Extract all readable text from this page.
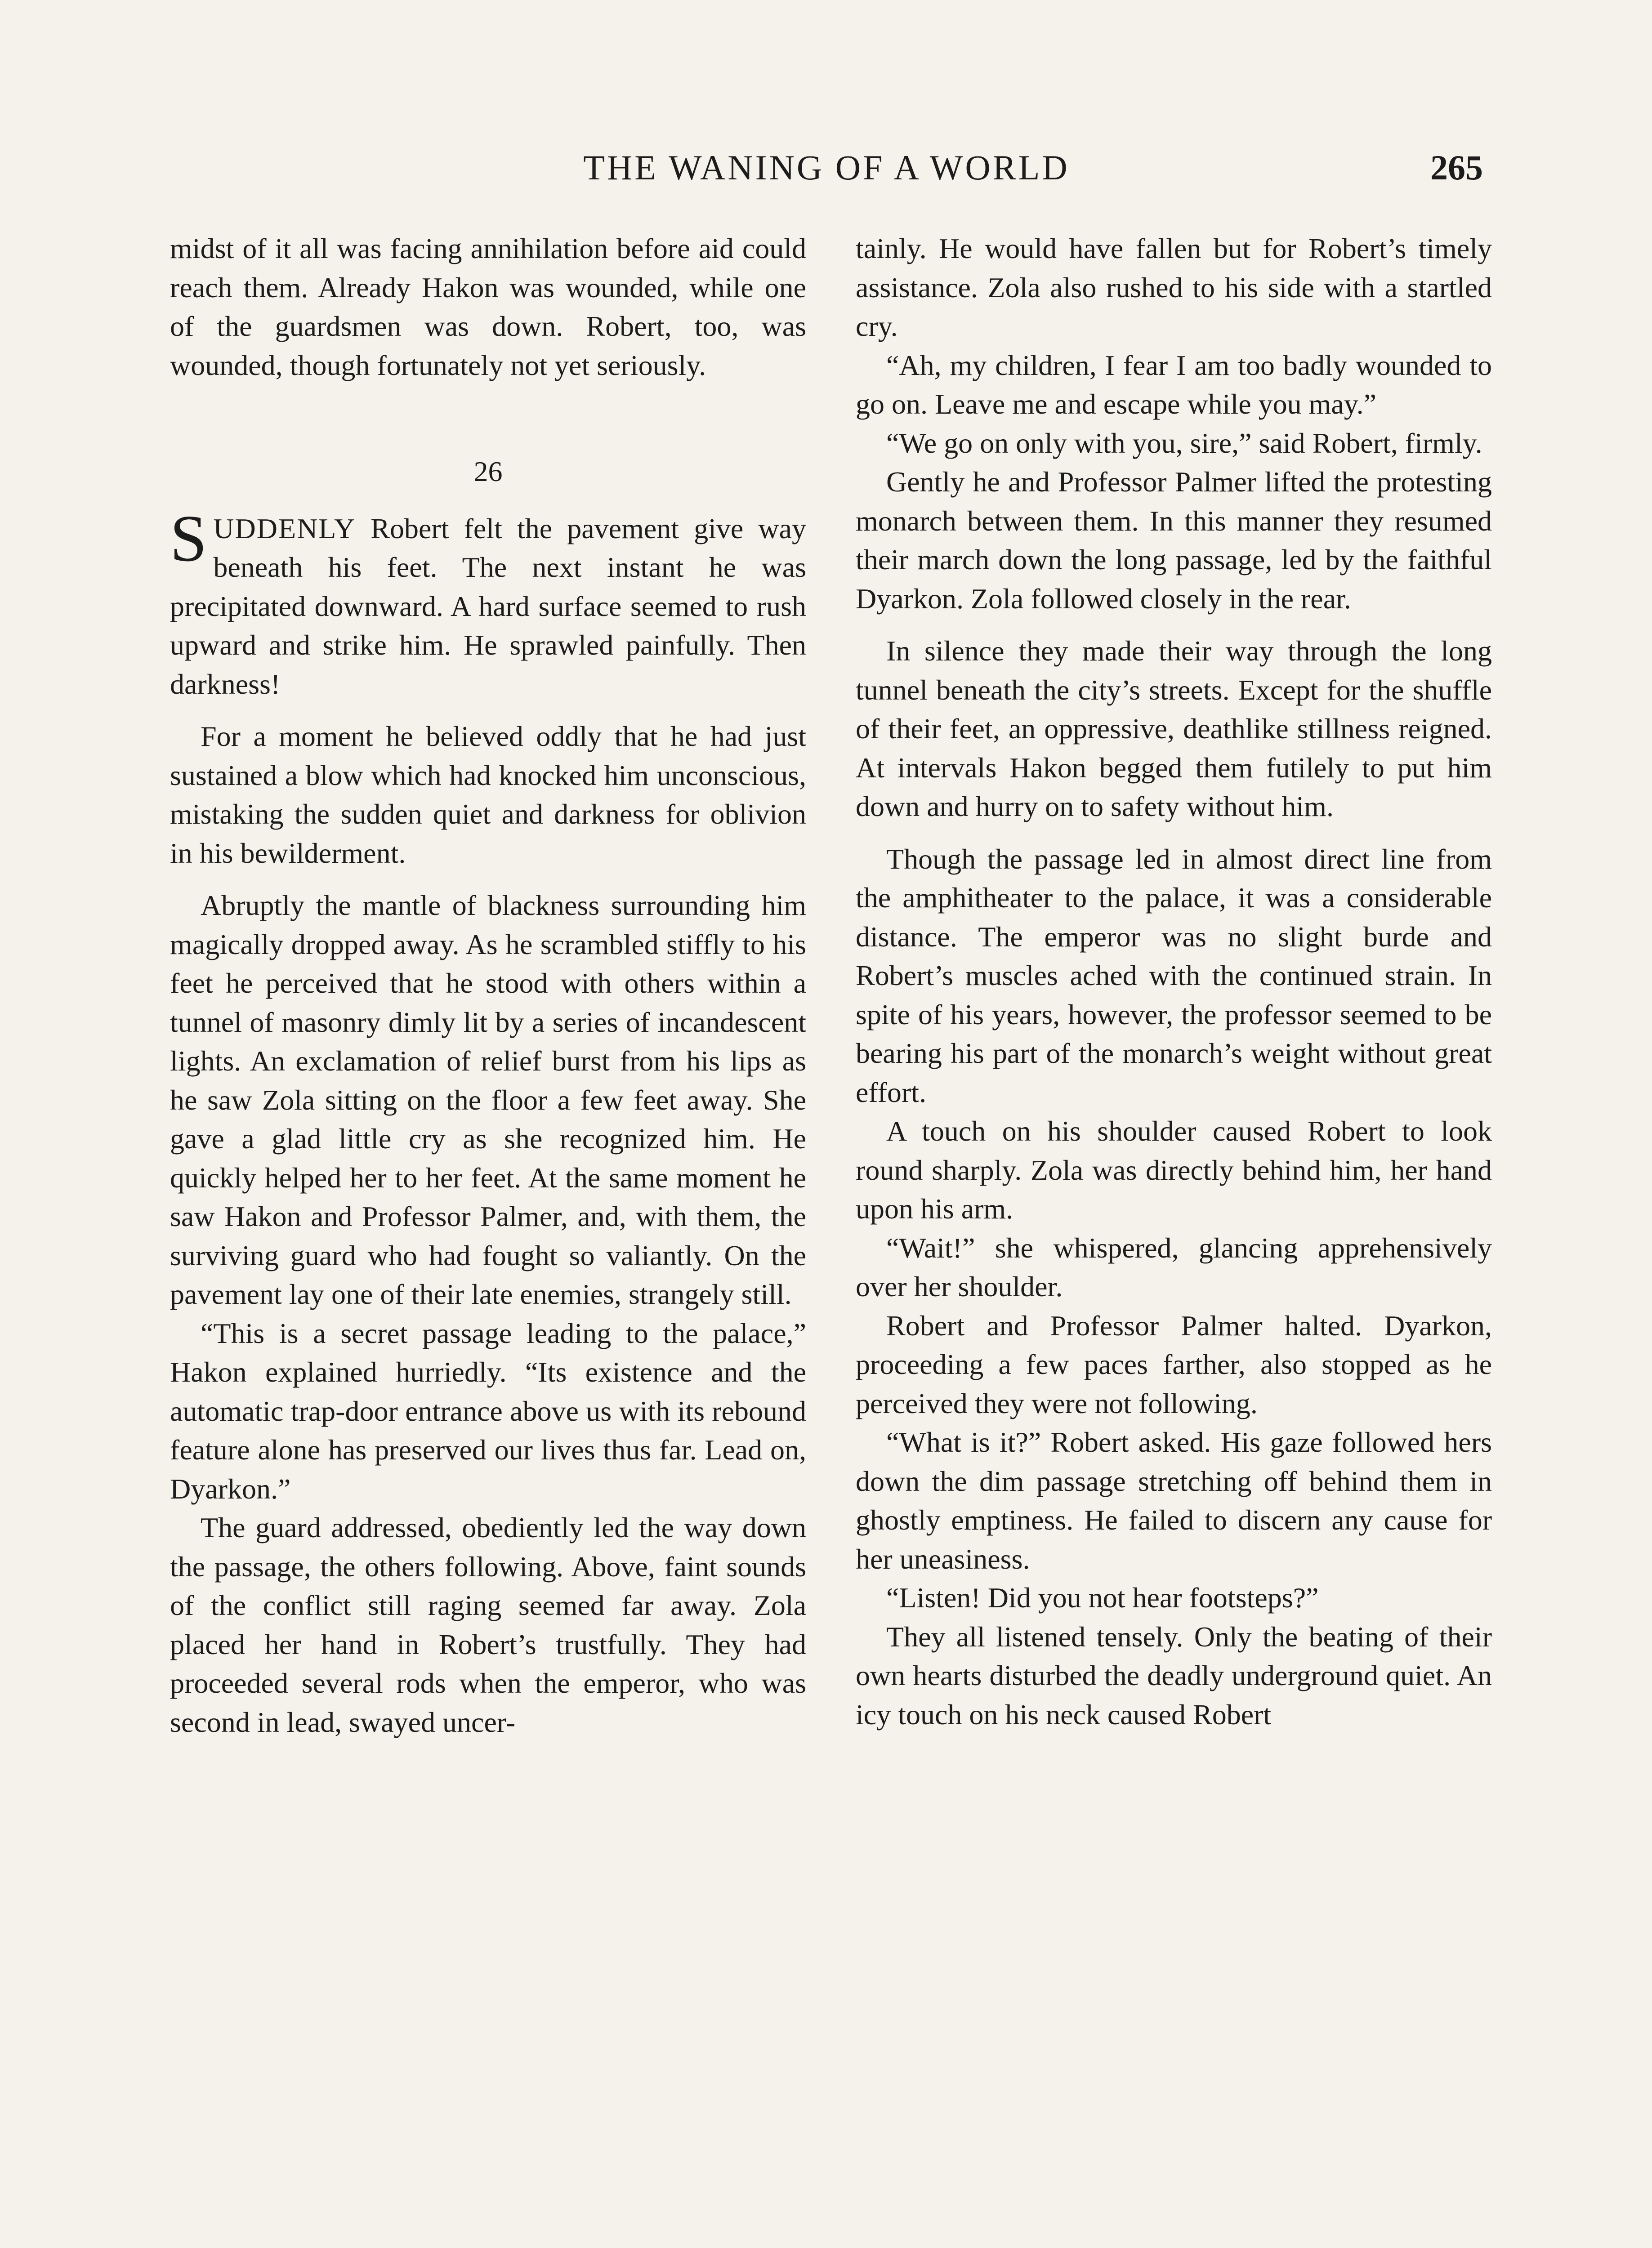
THE WANING OF A WORLD	265

midst of it all was facing annihilation before aid could reach them. Already Hakon was wounded, while one of the guardsmen was down. Robert, too, was wounded, though fortunately not yet seriously.

26

SUDDENLY Robert felt the pavement give way beneath his feet. The next instant he was precipitated downward. A hard surface seemed to rush upward and strike him. He sprawled painfully. Then darkness!

For a moment he believed oddly that he had just sustained a blow which had knocked him unconscious, mistaking the sudden quiet and darkness for oblivion in his bewilderment.

Abruptly the mantle of blackness surrounding him magically dropped away. As he scrambled stiffly to his feet he perceived that he stood with others within a tunnel of masonry dimly lit by a series of incandescent lights. An exclamation of relief burst from his lips as he saw Zola sitting on the floor a few feet away. She gave a glad little cry as she recognized him. He quickly helped her to her feet. At the same moment he saw Hakon and Professor Palmer, and, with them, the surviving guard who had fought so valiantly. On the pavement lay one of their late enemies, strangely still.

“This is a secret passage leading to the palace,” Hakon explained hurriedly. “Its existence and the automatic trap-door entrance above us with its rebound feature alone has preserved our lives thus far. Lead on, Dyarkon.”

The guard addressed, obediently led the way down the passage, the others following. Above, faint sounds of the conflict still raging seemed far away. Zola placed her hand in Robert’s trustfully. They had proceeded several rods when the emperor, who was second in lead, swayed uncer-

tainly. He would have fallen but for Robert’s timely assistance. Zola also rushed to his side with a startled cry.

“Ah, my children, I fear I am too badly wounded to go on. Leave me and escape while you may.”

“We go on only with you, sire,” said Robert, firmly.

Gently he and Professor Palmer lifted the protesting monarch between them. In this manner they resumed their march down the long passage, led by the faithful Dyarkon. Zola followed closely in the rear.

In silence they made their way through the long tunnel beneath the city’s streets. Except for the shuffle of their feet, an oppressive, deathlike stillness reigned. At intervals Hakon begged them futilely to put him down and hurry on to safety without him.

Though the passage led in almost direct line from the amphitheater to the palace, it was a considerable distance. The emperor was no slight burde and Robert’s muscles ached with the continued strain. In spite of his years, however, the professor seemed to be bearing his part of the monarch’s weight without great effort.

A touch on his shoulder caused Robert to look round sharply. Zola was directly behind him, her hand upon his arm.

“Wait!” she whispered, glancing apprehensively over her shoulder.

Robert and Professor Palmer halted. Dyarkon, proceeding a few paces farther, also stopped as he perceived they were not following.

“What is it?” Robert asked. His gaze followed hers down the dim passage stretching off behind them in ghostly emptiness. He failed to discern any cause for her uneasiness.

“Listen! Did you not hear footsteps?”

They all listened tensely. Only the beating of their own hearts disturbed the deadly underground quiet. An icy touch on his neck caused Robert
